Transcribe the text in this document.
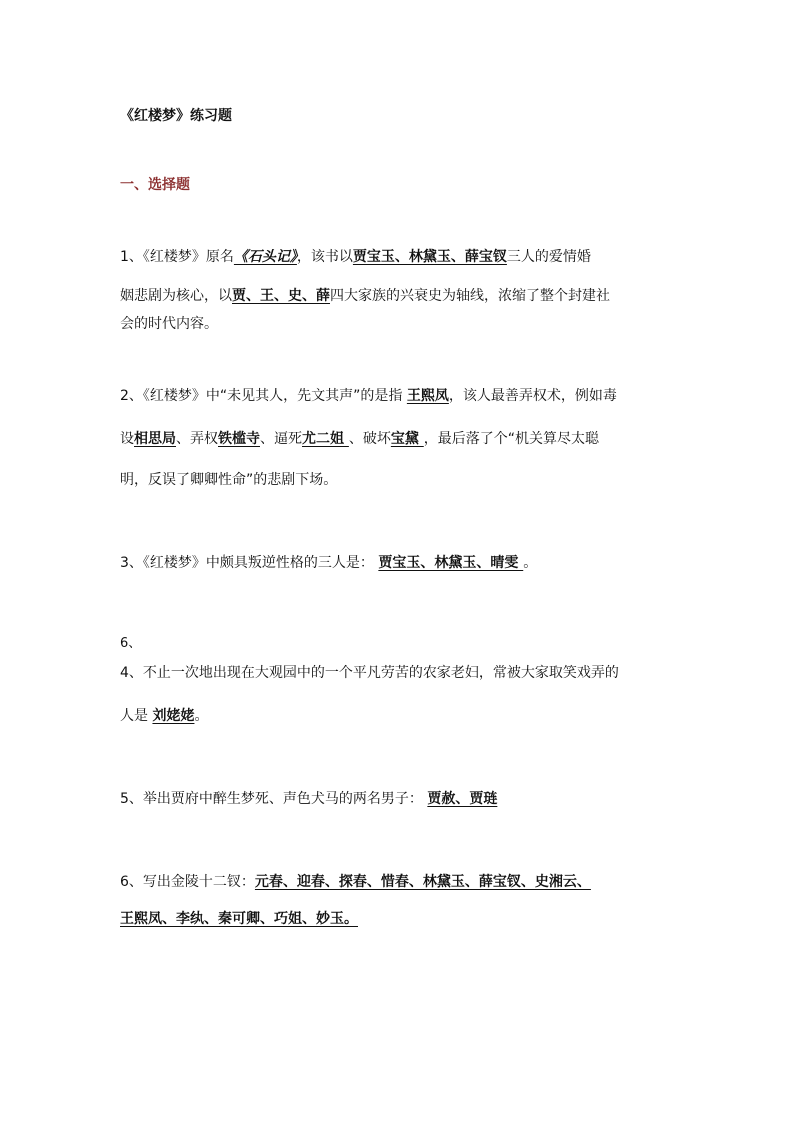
《红楼梦》练习题
一、选择题
1、《红楼梦》原名《石头记》，该书以贾宝玉、林黛玉、薛宝钗三人的爱情婚
姻悲剧为核心，以贾、王、史、薛四大家族的兴衰史为轴线，浓缩了整个封建社
会的时代内容。
2、《红楼梦》中“未见其人，先文其声”的是指 王熙凤，该人最善弄权术，例如毒
设相思局、弄权铁槛寺、逼死尤二姐 、破坏宝黛 ，最后落了个“机关算尽太聪
明，反误了卿卿性命”的悲剧下场。
3、《红楼梦》中颇具叛逆性格的三人是： 贾宝玉、林黛玉、晴雯 。
6、
4、不止一次地出现在大观园中的一个平凡劳苦的农家老妇，常被大家取笑戏弄的
人是 刘姥姥。
5、举出贾府中醉生梦死、声色犬马的两名男子： 贾赦、贾琏
6、写出金陵十二钗：元春、迎春、探春、惜春、林黛玉、薛宝钗、史湘云、
王熙凤、李纨、秦可卿、巧姐、妙玉。
